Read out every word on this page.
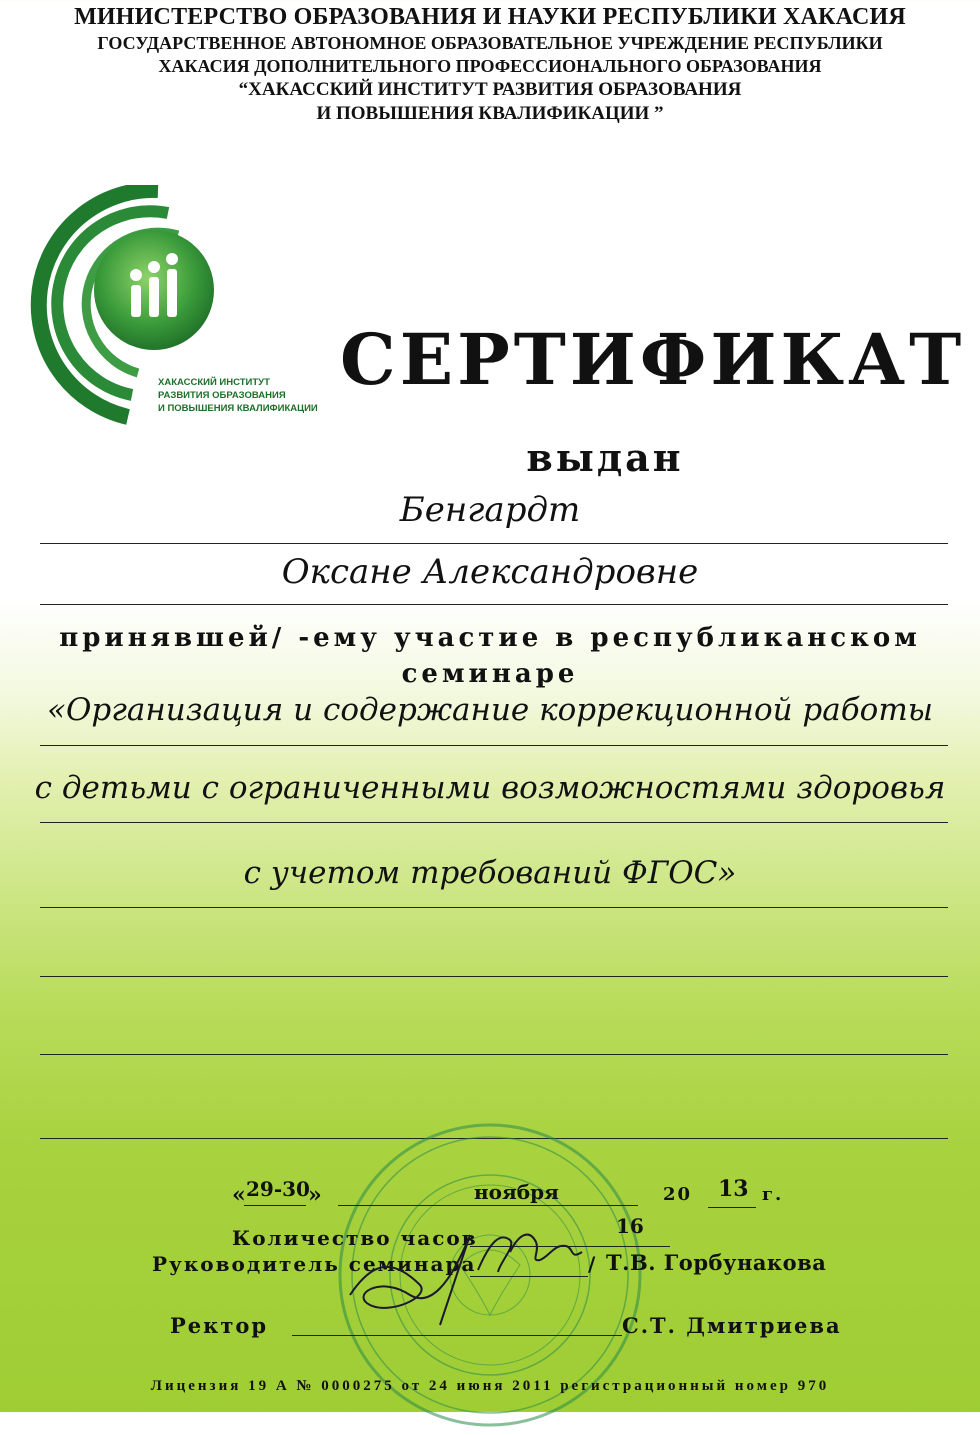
МИНИСТЕРСТВО ОБРАЗОВАНИЯ И НАУКИ РЕСПУБЛИКИ ХАКАСИЯ
ГОСУДАРСТВЕННОЕ АВТОНОМНОЕ ОБРАЗОВАТЕЛЬНОЕ УЧРЕЖДЕНИЕ РЕСПУБЛИКИ
ХАКАСИЯ ДОПОЛНИТЕЛЬНОГО ПРОФЕССИОНАЛЬНОГО ОБРАЗОВАНИЯ
“ХАКАССКИЙ ИНСТИТУТ РАЗВИТИЯ ОБРАЗОВАНИЯ
И ПОВЫШЕНИЯ КВАЛИФИКАЦИИ ”
ХАКАССКИЙ ИНСТИТУТ
РАЗВИТИЯ ОБРАЗОВАНИЯ
И ПОВЫШЕНИЯ КВАЛИФИКАЦИИ
СЕРТИФИКАТ
выдан
Бенгардт
Оксане Александровне
принявшей/ -ему участие в республиканском
семинаре
«Организация и содержание коррекционной работы
с детьми с ограниченными возможностями здоровья
с учетом требований ФГОС»
«
29-30
»	ноября	20 13 г.
Количество часов	16
Руководитель семинара	/ Т.В. Горбунакова
Ректор	С.Т. Дмитриева
Лицензия 19 А № 0000275 от 24 июня 2011 регистрационный номер 970
